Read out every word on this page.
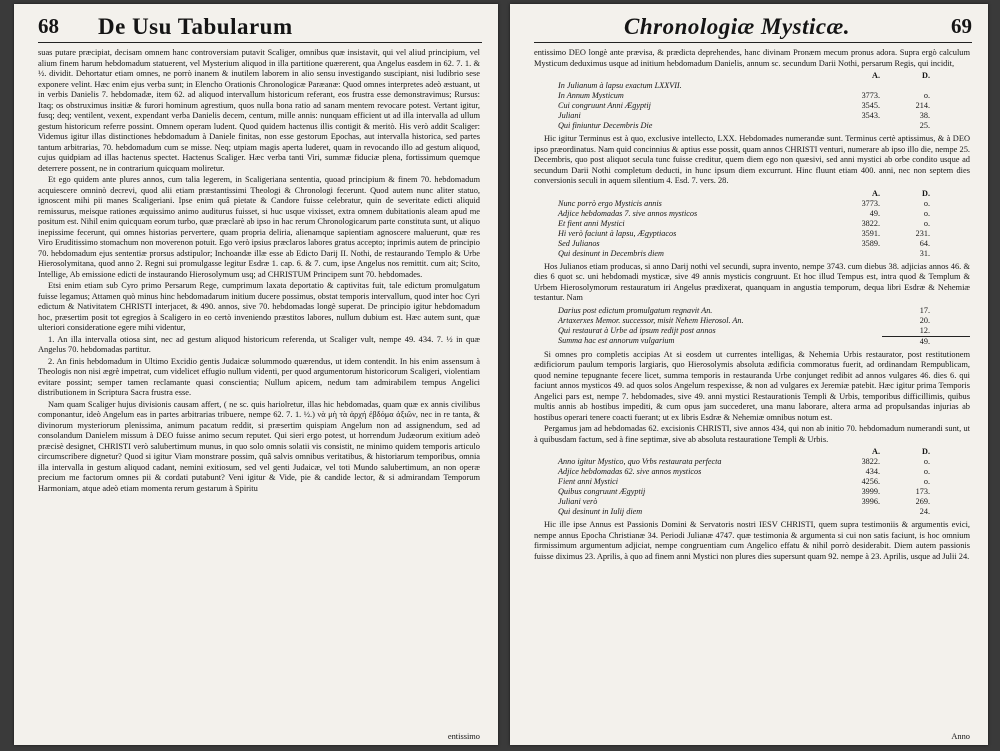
68 De Usu Tabularum

suas putare præcipiat, decisam omnem hanc controversiam putavit Scaliger, omnibus quæ insistavit, qui vel aliud principium, vel alium finem harum hebdomadum statuerent, vel Mysterium aliquod in illa partitione quærerent, qua Angelus easdem in 62. 7. 1. & ½. dividit. Dehortatur etiam omnes, ne porrò inanem & inutilem laborem in alio sensu investigando suscipiant, nisi ludibrio sese exponere velint. Hæc enim ejus verba sunt; in Elencho Orationis Chronologicæ Paræanæ: Quod omnes interpretes adeò æstuant, ut in verbis Danielis 7. hebdomadæ, item 62. ad aliquod intervallum historicum referant, eos frustra esse demonstravimus; Rursus: Itaq; os obstruximus insitiæ & furori hominum agrestium, quos nulla bona ratio ad sanam mentem revocare potest. Vertant igitur, fusq; deq; ventilent, vexent, expendant verba Danielis decem, centum, mille annis: nunquam efficient ut ad illa intervalla ad ullum gestum historicum referre possint. Omnem operam ludent. Quod quidem hactenus illis contigit & meritò. His verò addit Scaliger: Videmus igitur illas distinctiones hebdomadum à Daniele finitas, non esse gestorum Epochas, aut intervalla historica, sed partes tantum arbitrarias, 70. hebdomadum cum se misse. Neq; utpiam magis aperta luderet, quam in revocando illo ad gestum aliquod, cujus quidpiam ad illas hactenus spectet. Hactenus Scaliger. Hæc verba tanti Viri, summæ fiduciæ plena, fortissimum quemque deterrere possent, ne in contrarium quicquam moliretur.

Et ego quidem ante plures annos, cum talia legerem, in Scaligeriana sententia, quoad principium & finem 70. hebdomadum acquiescere omninò decrevi, quod alii etiam præstantissimi Theologi & Chronologi fecerunt. Quod autem nunc aliter statuo, ignoscent mihi pii manes Scaligeriani. Ipse enim quâ pietate & Candore fuisse celebratur, quin de severitate edicti aliquid remissurus, meisque rationes æquissimo animo auditurus fuisset, si huc usque vixisset, extra omnem dubitationis aleam apud me positum est. Nihil enim quicquam eorum turbo, quæ præclarè ab ipso in hac rerum Chronologicarum parte constituta sunt, ut aliquo inepissime fecerunt, qui omnes historias pervertere, quam propria deliria, alienamque sapientiam agnoscere maluerunt, quæ res Viro Eruditissimo stomachum non moverenon potuit. Ego verò ipsius præclaros labores gratus accepto; inprimis autem de principio 70. hebdomadum ejus sententiæ prorsus adstipulor; Inchoandæ illæ esse ab Edicto Darij II. Nothi, de restaurando Templo & Urbe Hierosolymitana, quod anno 2. Regni sui promulgasse legitur Esdræ 1. cap. 6. & 7. cum, ipse Angelus nos remittit. cum ait; Scito, Intellige, Ab emissione edicti de instaurando Hierosolymum usq; ad CHRISTUM Principem sunt 70. hebdomades.

Etsi enim etiam sub Cyro primo Persarum Rege, cumprimum laxata deportatio & captivitas fuit, tale edictum promulgatum fuisse legamus; Attamen quò minus hinc hebdomadarum initium ducere possimus, obstat temporis intervallum, quod inter hoc Cyri edictum & Nativitatem CHRISTI interjacet, & 490. annos, sive 70. hebdomadas longè superat. De principio igitur hebdomadum hoc, præsertim posit tot egregios à Scaligero in eo certò inveniendo præstitos labores, nullum dubium est. Hæc autem sunt, quæ ulteriori consideratione egere mihi videntur,

1. An illa intervalla otiosa sint, nec ad gestum aliquod historicum referenda, ut Scaliger vult, nempe 49. 434. 7. ½ in quæ Angelus 70. hebdomadas partitur.

2. An finis hebdomadum in Ultimo Excidio gentis Judaicæ solummodo quærendus, ut idem contendit. In his enim assensum à Theologis non nisi ægrè impetrat, cum videlicet effugio nullum videnti, per quod argumentorum historicorum Scaligeri, violentiam evitare possint; semper tamen reclamante quasi conscientia; Nullum apicem, nedum tam admirabilem tempus Angelici distributionem in Scriptura Sacra frustra esse.

Nam quam Scaliger hujus divisionis causam affert, ( ne sc. quis hariolretur, illas hic hebdomadas, quam quæ ex annis civilibus componantur, ideò Angelum eas in partes arbitrarias tribuere, nempe 62. 7. 1. ½.) νὰ μὴ τὰ ἀρχή ἐβδόμα ἀξιῶν, nec in re tanta, & divinorum mysteriorum plenissima, animum pacatum reddit, si præsertim quispiam Angelum non ad assignendum, sed ad consolandum Danielem missum à DEO fuisse animo secum reputet. Qui sieri ergo potest, ut horrendum Judæorum exitium adeò præcisè designet, CHRISTI verò salubertimum munus, in quo solo omnis solatii vis consistit, ne minimo quidem temporis articulo circumscribere dignetur? Quod si igitur Viam monstrare possim, quâ salvis omnibus veritatibus, & historiarum temporibus, omnia illa intervalla in gestum aliquod cadant, nemini exitiosum, sed vel genti Judaicæ, vel toti Mundo salubertimum, an non operæ precium me factorum omnes pii & cordati putabunt? Veni igitur & Vide, pie & candide lector, & si admirandam Temporum Harmoniam, atque adeò etiam momenta rerum gestarum à Spiritu

entissimo
Chronologiæ Mysticæ.	69

entissimo DEO longè ante prævisa, & prædicta deprehendes, hanc divinam Pronæm mecum pronus adora. Supra ergò calculum Mysticum deduximus usque ad initium hebdomadum Danielis, annum sc. secundum Darii Nothi, persarum Regis, qui incidit,

	A.	D.
In Julianum à lapsu exactum LXXVII.		
In Annum Mysticum	3773.	o.
Cui congruunt Anni Ægyptij	3545.	214.
Juliani	3543.	38.
Qui finiuntur Decembris Die		25.

Hic igitur Terminus est à quo, exclusive intellecto, LXX. Hebdomades numerandæ sunt. Terminus certè aptissimus, & à DEO ipso præordinatus. Nam quid concinnius & aptius esse possit, quam annos CHRISTI venturi, numerare ab ipso illo die, nempe 25. Decembris, quo post aliquot secula tunc fuisse creditur, quem diem ego non quæsivi, sed anni mystici ab orbe condito usque ad secundum Darii Nothi completum deducti, in hunc ipsum diem excurrunt. Hinc fluunt etiam 400. anni, nec non septem dies conversionis seculi in aquem silentium 4. Esd. 7. vers. 28.

	A.	D.
Nunc porrò ergo Mysticis annis	3773.	o.
Adjice hebdomadas 7. sive annos mysticos	49.	o.
Et fient anni Mystici	3822.	o.
Hi verò faciunt à lapsu, Ægyptiacos	3591.	231.
Sed Julianos	3589.	64.
Qui desinunt in Decembris diem		31.

Hos Julianos etiam producas, si anno Darij nothi vel secundi, supra invento, nempe 3743. cum diebus 38. adjicias annos 46. & dies 6 quot sc. uni hebdomadi mysticæ, sive 49 annis mysticis congruunt. Et hoc illud Tempus est, intra quod & Templum & Urbem Hierosolymorum restauratum iri Angelus prædixerat, quanquam in angustia temporum, dequa libri Esdræ & Nehemiæ testantur. Nam

Darius post edictum promulgatum regnavit An.	17.
Artaxerxes Memor. successor, misit Nehem Hierosol. An.	20.
Qui restaurat à Urbe ad ipsum redijt post annos	12.
Summa hac est annorum vulgarium	49.

Si omnes pro completis accipias At si eosdem ut currentes intelligas, & Nehemia Urbis restaurator, post restitutionem ædificiorum paulum temporis largiaris, quo Hierosolymis absoluta ædificia commoratus fuerit, ad ordinandam Rempublicam, quod nemine tepugnante fecere licet, summa temporis in restauranda Urbe conjunget redibit ad annos vulgares 46. dies 6. qui faciunt annos mysticos 49. ad quos solos Angelum respexisse, & non ad vulgares ex Jeremiæ patebit. Hæc igitur prima Temporis Angelici pars est, nempe 7. hebdomades, sive 49. anni mystici Restaurationis Templi & Urbis, temporibus difficillimis, quibus multis annis ab hostibus impediti, & cum opus jam succederet, una manu laborare, altera arma ad propulsandas injurias ab hostibus operari tenere coacti fuerant; ut ex libris Esdræ & Nehemiæ omnibus notum est.

Pergamus jam ad hebdomadas 62. excisionis CHRISTI, sive annos 434, qui non ab initio 70. hebdomadum numerandi sunt, ut à quibusdam factum, sed à fine septimæ, sive ab absoluta restauratione Templi & Urbis.

	A.	D.
Anno igitur Mystico, quo Vrbs restaurata perfecta	3822.	o.
Adjice hebdomadas 62. sive annos mysticos	434.	o.
Fient anni Mystici	4256.	o.
Quibus congruunt Ægyptij	3999.	173.
Juliani verò	3996.	269.
Qui desinunt in Iulij diem		24.

Hic ille ipse Annus est Passionis Domini & Servatoris nostri IESV CHRISTI, quem supra testimoniis & argumentis evici, nempe annus Epocha Christianæ 34. Periodi Julianæ 4747. quæ testimonia & argumenta si cui non satis faciunt, is hoc omnium firmissimum argumentum adjiciat, nempe congruentiam cum Angelico effatu & nihil porrò desiderabit. Diem autem passionis fuisse diximus 23. Aprilis, à quo ad finem anni Mystici non plures dies supersunt quam 92. nempe à 23. Aprilis, usque ad Julii 24.

Anno
